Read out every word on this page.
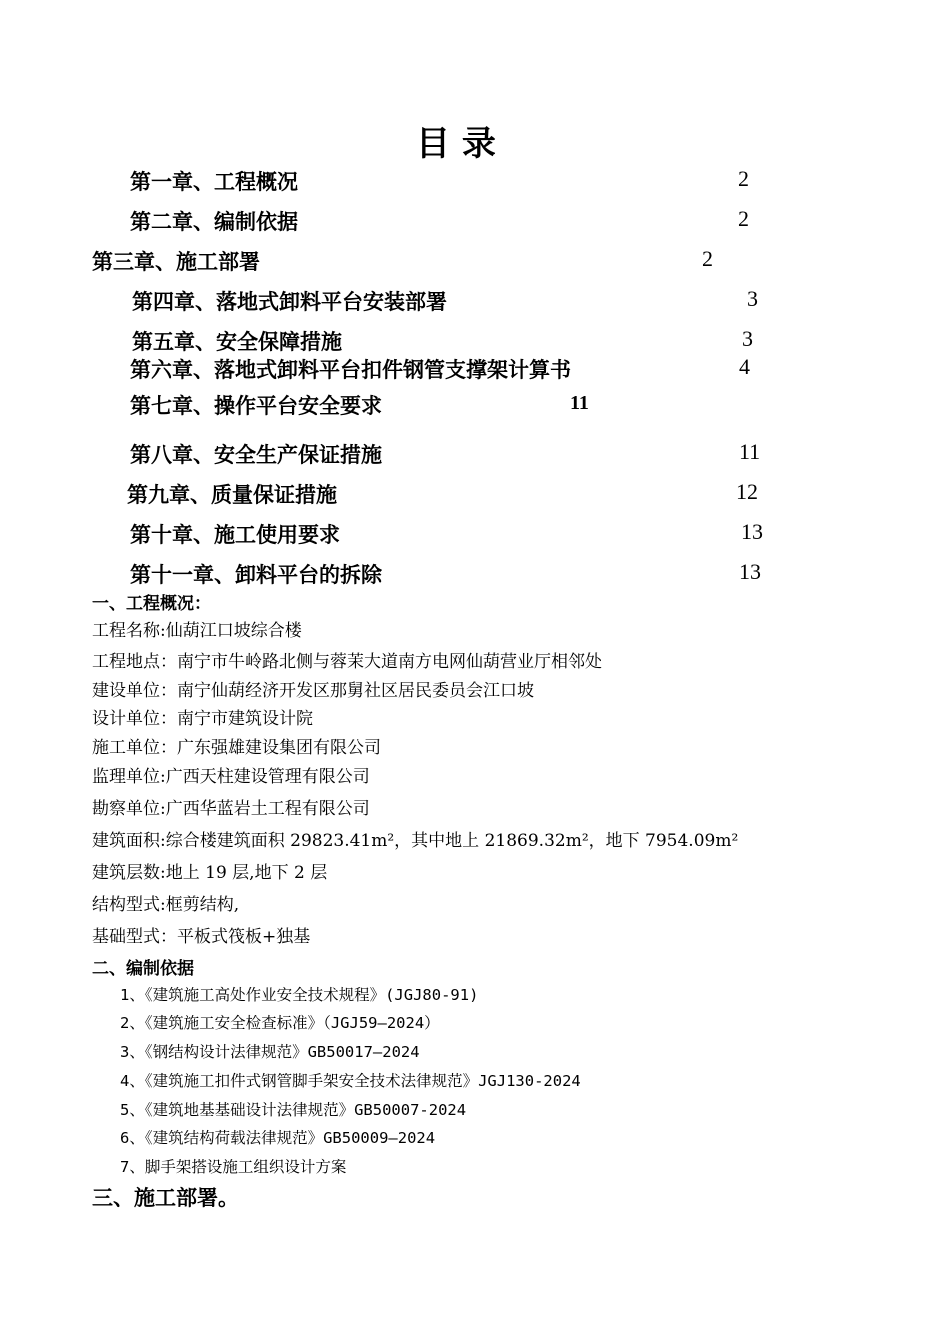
目 录
第一章、工程概况	2
第二章、编制依据	2
第三章、施工部署	2
第四章、落地式卸料平台安装部署	3
第五章、安全保障措施	3
第六章、落地式卸料平台扣件钢管支撑架计算书	4
第七章、操作平台安全要求	11
第八章、安全生产保证措施	11
第九章、质量保证措施	12
第十章、施工使用要求	13
第十一章、卸料平台的拆除	13
一、工程概况：
工程名称:仙葫江口坡综合楼
工程地点：南宁市牛岭路北侧与蓉茉大道南方电网仙葫营业厅相邻处
建设单位：南宁仙葫经济开发区那舅社区居民委员会江口坡
设计单位：南宁市建筑设计院
施工单位：广东强雄建设集团有限公司
监理单位:广西天柱建设管理有限公司
勘察单位:广西华蓝岩土工程有限公司
建筑面积:综合楼建筑面积 29823.41m²，其中地上 21869.32m²，地下 7954.09m²
建筑层数:地上 19 层,地下 2 层
结构型式:框剪结构,
基础型式：平板式筏板+独基
二、编制依据
1、《建筑施工高处作业安全技术规程》(JGJ80-91)
2、《建筑施工安全检查标准》（JGJ59—2024）
3、《钢结构设计法律规范》GB50017—2024
4、《建筑施工扣件式钢管脚手架安全技术法律规范》JGJ130-2024
5、《建筑地基基础设计法律规范》GB50007-2024
6、《建筑结构荷载法律规范》GB50009—2024
7、脚手架搭设施工组织设计方案
三、施工部署。
